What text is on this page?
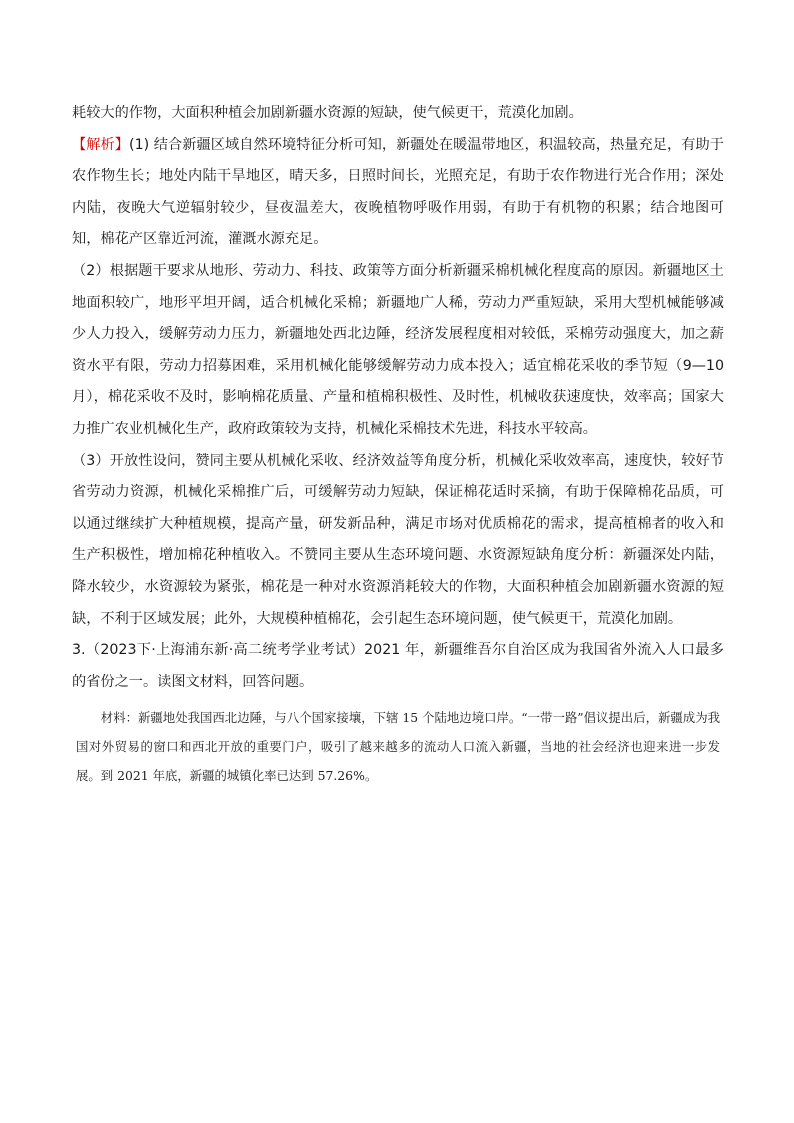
耗较大的作物，大面积种植会加剧新疆水资源的短缺，使气候更干，荒漠化加剧。

【解析】(1) 结合新疆区域自然环境特征分析可知，新疆处在暖温带地区，积温较高，热量充足，有助于农作物生长；地处内陆干旱地区，晴天多，日照时间长，光照充足，有助于农作物进行光合作用；深处内陆，夜晚大气逆辐射较少，昼夜温差大，夜晚植物呼吸作用弱，有助于有机物的积累；结合地图可知，棉花产区靠近河流，灌溉水源充足。

（2）根据题干要求从地形、劳动力、科技、政策等方面分析新疆采棉机械化程度高的原因。新疆地区土地面积较广，地形平坦开阔，适合机械化采棉；新疆地广人稀，劳动力严重短缺，采用大型机械能够减少人力投入，缓解劳动力压力，新疆地处西北边陲，经济发展程度相对较低，采棉劳动强度大，加之薪资水平有限，劳动力招募困难，采用机械化能够缓解劳动力成本投入；适宜棉花采收的季节短（9—10 月），棉花采收不及时，影响棉花质量、产量和植棉积极性、及时性，机械收获速度快，效率高；国家大力推广农业机械化生产，政府政策较为支持，机械化采棉技术先进，科技水平较高。

（3）开放性设问，赞同主要从机械化采收、经济效益等角度分析，机械化采收效率高，速度快，较好节省劳动力资源，机械化采棉推广后，可缓解劳动力短缺，保证棉花适时采摘，有助于保障棉花品质，可以通过继续扩大种植规模，提高产量，研发新品种，满足市场对优质棉花的需求，提高植棉者的收入和生产积极性，增加棉花种植收入。不赞同主要从生态环境问题、水资源短缺角度分析：新疆深处内陆，降水较少，水资源较为紧张，棉花是一种对水资源消耗较大的作物，大面积种植会加剧新疆水资源的短缺，不利于区域发展；此外，大规模种植棉花，会引起生态环境问题，使气候更干，荒漠化加剧。

3.（2023下·上海浦东新·高二统考学业考试）2021 年，新疆维吾尔自治区成为我国省外流入人口最多的省份之一。读图文材料，回答问题。

材料：新疆地处我国西北边陲，与八个国家接壤，下辖 15 个陆地边境口岸。“一带一路”倡议提出后，新疆成为我国对外贸易的窗口和西北开放的重要门户，吸引了越来越多的流动人口流入新疆，当地的社会经济也迎来进一步发展。到 2021 年底，新疆的城镇化率已达到 57.26%。
